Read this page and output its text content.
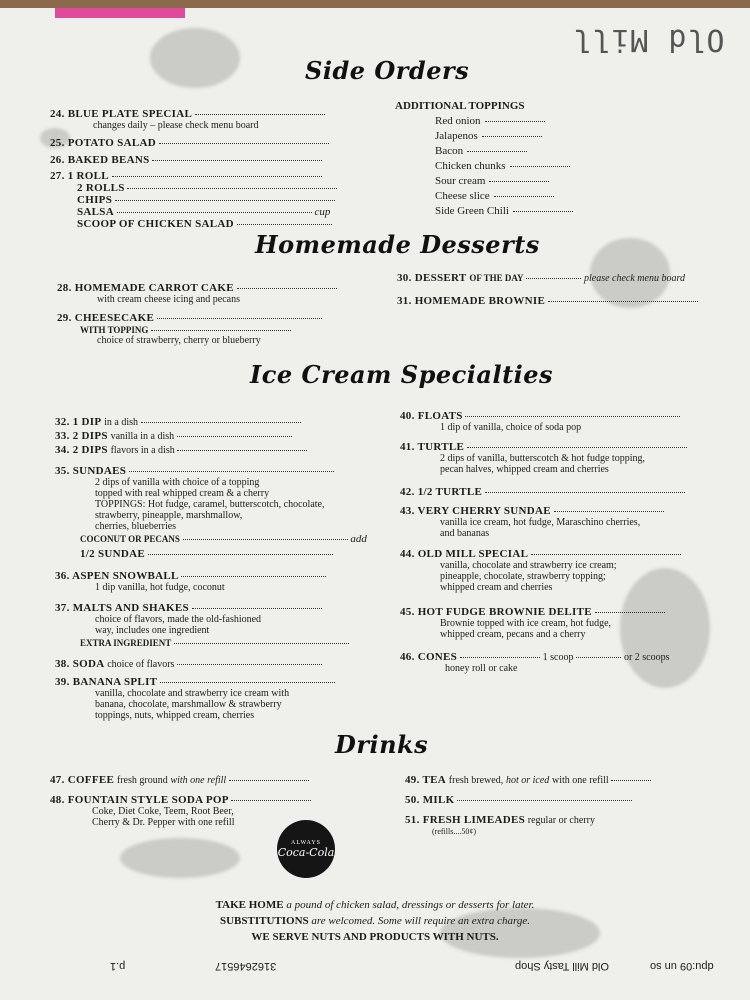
Old Mill
Side Orders
Homemade Desserts
Ice Cream Specialties
Drinks
24. BLUE PLATE SPECIAL
changes daily – please check menu board
25. POTATO SALAD
26. BAKED BEANS
27. 1 ROLL
2 ROLLS
CHIPS
SALSA	cup
SCOOP OF CHICKEN SALAD
ADDITIONAL TOPPINGS
Red onion
Jalapenos
Bacon
Chicken chunks
Sour cream
Cheese slice
Side Green Chili
28. HOMEMADE CARROT CAKE
with cream cheese icing and pecans
29. CHEESECAKE
WITH TOPPING
choice of strawberry, cherry or blueberry
30. DESSERT OF THE DAY	please check menu board
31. HOMEMADE BROWNIE
32. 1 DIP in a dish
33. 2 DIPS vanilla in a dish
34. 2 DIPS flavors in a dish
35. SUNDAES
2 dips of vanilla with choice of a topping
topped with real whipped cream & a cherry
TOPPINGS: Hot fudge, caramel, butterscotch, chocolate,
strawberry, pineapple, marshmallow,
cherries, blueberries
COCONUT OR PECANS	add
1/2 SUNDAE
36. ASPEN SNOWBALL
1 dip vanilla, hot fudge, coconut
37. MALTS AND SHAKES
choice of flavors, made the old-fashioned
way, includes one ingredient
EXTRA INGREDIENT
38. SODA choice of flavors
39. BANANA SPLIT
vanilla, chocolate and strawberry ice cream with
banana, chocolate, marshmallow & strawberry
toppings, nuts, whipped cream, cherries
40. FLOATS
1 dip of vanilla, choice of soda pop
41. TURTLE
2 dips of vanilla, butterscotch & hot fudge topping,
pecan halves, whipped cream and cherries
42. 1/2 TURTLE
43. VERY CHERRY SUNDAE
vanilla ice cream, hot fudge, Maraschino cherries,
and bananas
44. OLD MILL SPECIAL
vanilla, chocolate and strawberry ice cream;
pineapple, chocolate, strawberry topping;
whipped cream and cherries
45. HOT FUDGE BROWNIE DELITE
Brownie topped with ice cream, hot fudge,
whipped cream, pecans and a cherry
46. CONES	1 scoop	or 2 scoops
honey roll or cake
47. COFFEE fresh ground with one refill
48. FOUNTAIN STYLE SODA POP
Coke, Diet Coke, Teem, Root Beer,
Cherry & Dr. Pepper with one refill
49. TEA fresh brewed, hot or iced with one refill
50. MILK
51. FRESH LIMEADES regular or cherry
(refills....50¢)
ALWAYS
Coca-Cola
TAKE HOME a pound of chicken salad, dressings or desserts for later.
SUBSTITUTIONS are welcomed. Some will require an extra charge.
WE SERVE NUTS AND PRODUCTS WITH NUTS.
p.1	3162646517	Old Mill Tasty Shop	dpu:09 un so
